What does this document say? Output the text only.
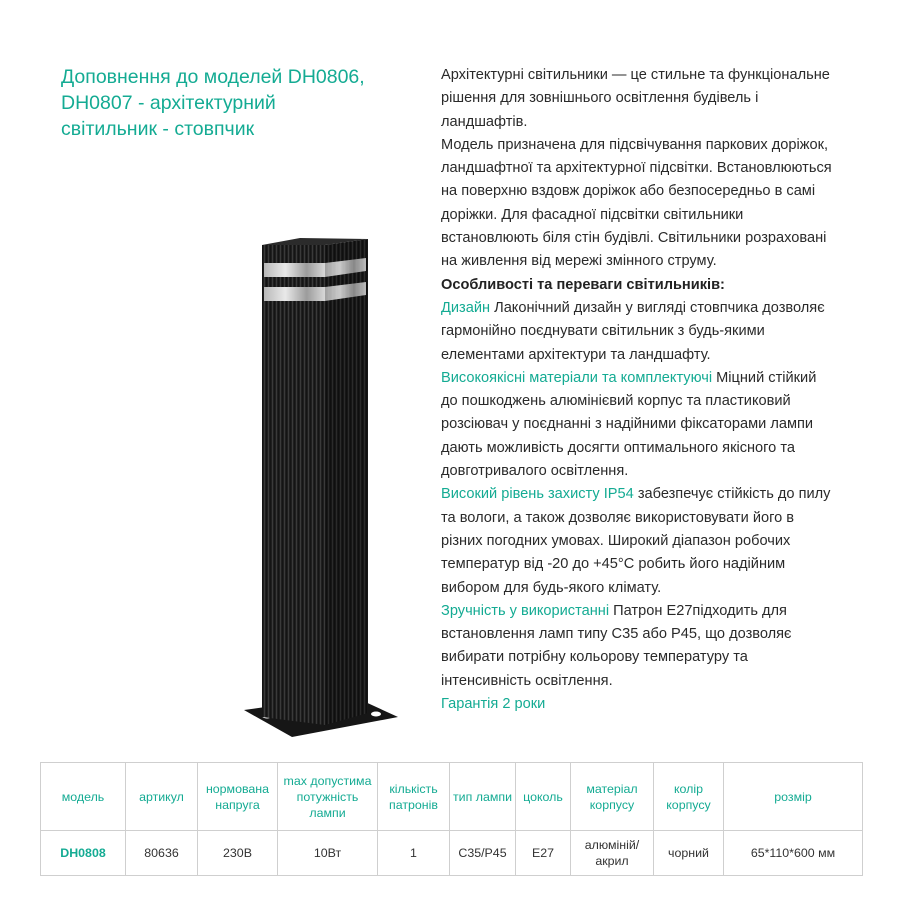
Доповнення до моделей DH0806,
DH0807 - архітектурний
світильник - стовпчик

Архітектурні світильники — це стильне та функціональне
рішення для зовнішнього освітлення будівель і
ландшафтів.

Модель призначена для підсвічування паркових доріжок,
ландшафтної та архітектурної підсвітки. Встановлюються
на поверхню вздовж доріжок або безпосередньо в самі
доріжки. Для фасадної підсвітки світильники
встановлюють біля стін будівлі. Світильники розраховані
на живлення від мережі змінного струму.

Особливості та переваги світильників:

Дизайн Лаконічний дизайн у вигляді стовпчика дозволяє
гармонійно поєднувати світильник з будь-якими
елементами архітектури та ландшафту.

Високоякісні матеріали та комплектуючі Міцний стійкий
до пошкоджень алюмінієвий корпус та пластиковий
розсіювач у поєднанні з надійними фіксаторами лампи
дають можливість досягти оптимального якісного та
довготривалого освітлення.

Високий рівень захисту IP54 забезпечує стійкість до пилу
та вологи, а також дозволяє використовувати його в
різних погодних умовах. Широкий діапазон робочих
температур від -20 до +45°С робить його надійним
вибором для будь-якого клімату.

Зручність у використанні Патрон E27підходить для
встановлення ламп типу C35 або P45, що дозволяє
вибирати потрібну кольорову температуру та
інтенсивність освітлення.

Гарантія 2 роки

модель	артикул	нормована напруга	max допустима потужність лампи	кількість патронів	тип лампи	цоколь	матеріал корпусу	колір корпусу	розмір
DH0808	80636	230В	10Вт	1	C35/P45	E27	алюміній/ акрил	чорний	65*110*600 мм
